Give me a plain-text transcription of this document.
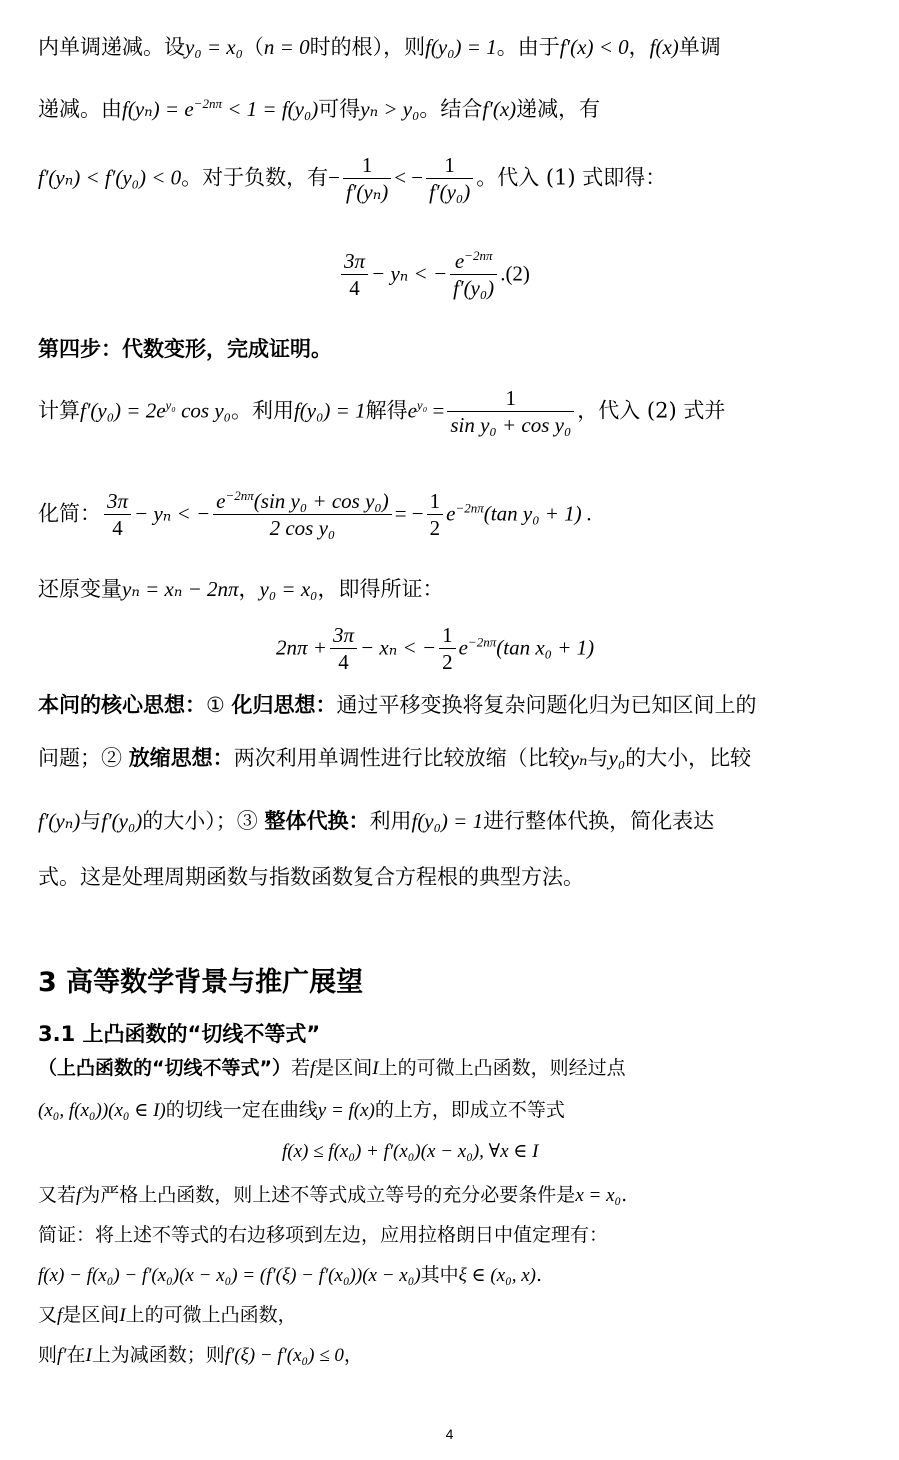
内单调递减。设y₀ = x₀（n = 0时的根），则f(y₀) = 1。由于f′(x) < 0，f(x)单调
递减。由$f(y_n) = e^{-2n\pi} < 1 = f(y_0)$可得yₙ > y₀。结合f′(x)递减，有
f′(yₙ) < f′(y₀) < 0。对于负数，有− $\frac{1}{\text{f′(yₙ)}}$ < − $\frac{1}{\text{f′(y₀)}}$ 。代入 (1) 式即得：
$\frac{3\pi}{4} - y_n$ < − $\frac{e^{-2n\pi}}{\text{f′(y₀)}} .(2)$
第四步：代数变形，完成证明。
计算$f'(y_0) = 2e^{y_0}$ cos y₀。利用f(y₀) = 1解得$e^{y_0} = \frac{1}{\text{sin y₀ + cos y₀}}$ ，代入 (2) 式并
化简： $\frac{3\pi}{4} - y_n$ < − $\frac{e^{-2n\pi}(\sin y_0 + \cos y_0)}{\text{2 cos y₀}}$ = − $\frac{1}{2} e^{-2n\pi}(\tan$ y₀ + 1) .
还原变量yₙ = xₙ − 2nπ，y₀ = x₀，即得所证：
$2n\pi + \frac{3\pi}{4} - x_n$ < − $\frac{1}{2} e^{-2n\pi}(\tan$ x₀ + 1)
本问的核心思想：① 化归思想：通过平移变换将复杂问题化归为已知区间上的
问题；② 放缩思想：两次利用单调性进行比较放缩（比较yₙ与y₀的大小，比较
f′(yₙ)与f′(y₀)的大小）；③ 整体代换：利用f(y₀) = 1进行整体代换，简化表达
式。这是处理周期函数与指数函数复合方程根的典型方法。
3 高等数学背景与推广展望
3.1 上凸函数的“切线不等式”
（上凸函数的“切线不等式”）若f是区间I上的可微上凸函数，则经过点
(x₀, f(x₀))(x₀ ∈ I)的切线一定在曲线y = f(x)的上方，即成立不等式
f(x) ≤ f(x₀) + f′(x₀)(x − x₀), ∀x ∈ I
又若f为严格上凸函数，则上述不等式成立等号的充分必要条件是x = x₀.
简证：将上述不等式的右边移项到左边，应用拉格朗日中值定理有：
f(x) − f(x₀) − f′(x₀)(x − x₀) = (f′(ξ) − f′(x₀))(x − x₀)其中ξ ∈ (x₀, x).
又f是区间I上的可微上凸函数，
则f′在I上为减函数；则f′(ξ) − f′(x₀) ≤ 0，
4
